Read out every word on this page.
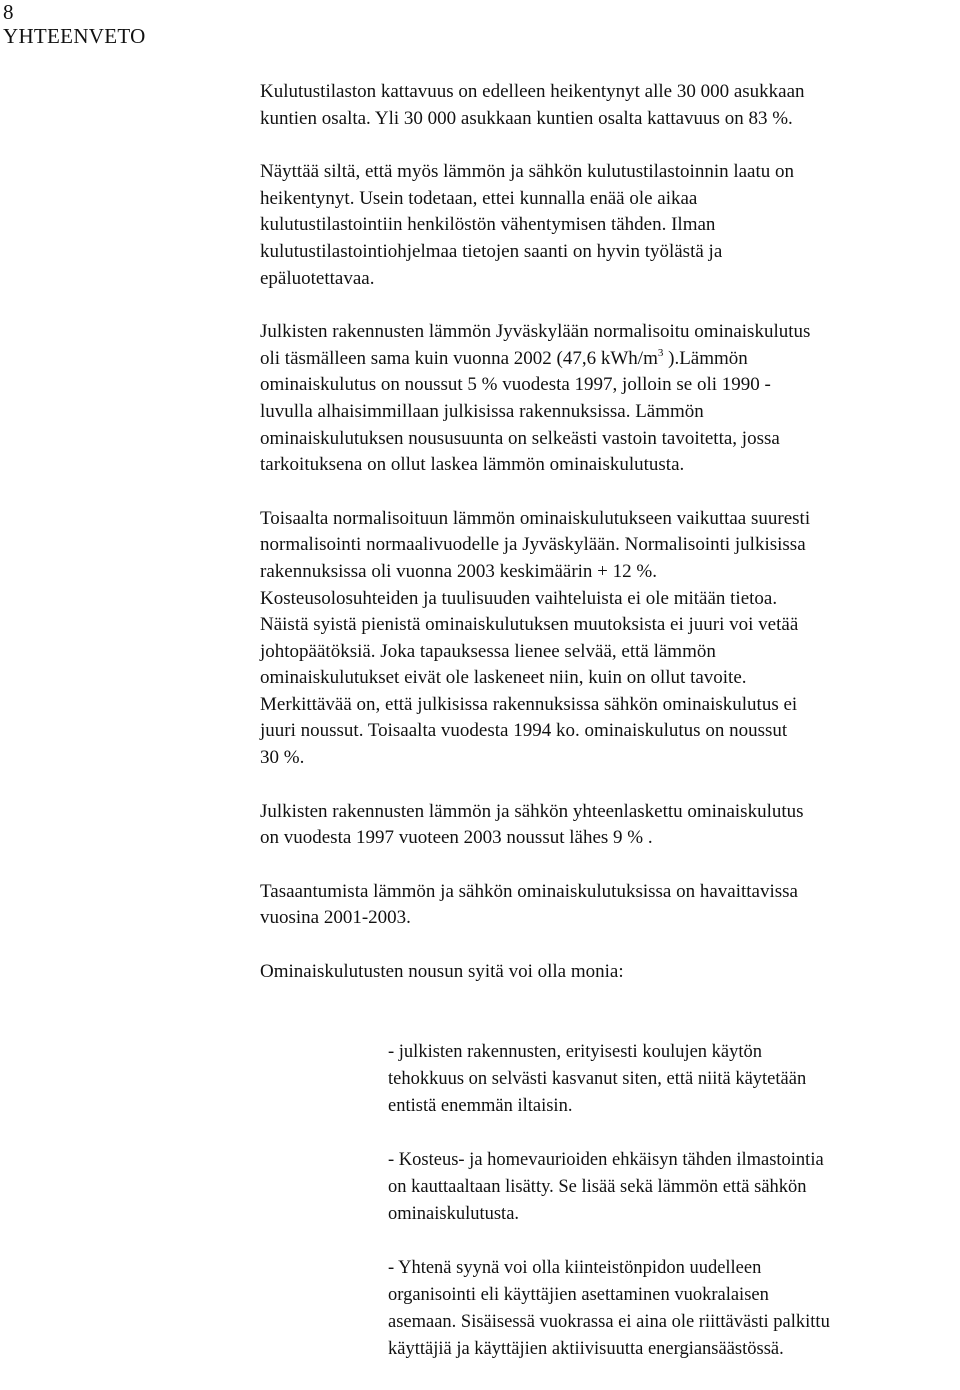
8
YHTEENVETO

Kulutustilaston kattavuus on edelleen heikentynyt alle 30 000 asukkaan
kuntien osalta. Yli 30 000 asukkaan kuntien osalta kattavuus on 83 %.

Näyttää siltä, että myös lämmön ja sähkön kulutustilastoinnin laatu on
heikentynyt. Usein todetaan, ettei kunnalla enää ole aikaa
kulutustilastointiin henkilöstön vähentymisen tähden. Ilman
kulutustilastointiohjelmaa tietojen saanti on hyvin työlästä ja
epäluotettavaa.

Julkisten rakennusten lämmön Jyväskylään normalisoitu ominaiskulutus
oli täsmälleen sama kuin vuonna 2002 (47,6 kWh/$m^3$ ).Lämmön
ominaiskulutus on noussut 5 % vuodesta 1997, jolloin se oli 1990 -
luvulla alhaisimmillaan julkisissa rakennuksissa. Lämmön
ominaiskulutuksen noususuunta on selkeästi vastoin tavoitetta, jossa
tarkoituksena on ollut laskea lämmön ominaiskulutusta.

Toisaalta normalisoituun lämmön ominaiskulutukseen vaikuttaa suuresti
normalisointi normaalivuodelle ja Jyväskylään. Normalisointi julkisissa
rakennuksissa oli vuonna 2003 keskimäärin + 12 %.
Kosteusolosuhteiden ja tuulisuuden vaihteluista ei ole mitään tietoa.
Näistä syistä pienistä ominaiskulutuksen muutoksista ei juuri voi vetää
johtopäätöksiä. Joka tapauksessa lienee selvää, että lämmön
ominaiskulutukset eivät ole laskeneet niin, kuin on ollut tavoite.
Merkittävää on, että julkisissa rakennuksissa sähkön ominaiskulutus ei
juuri noussut. Toisaalta vuodesta 1994 ko. ominaiskulutus on noussut
30 %.

Julkisten rakennusten lämmön ja sähkön yhteenlaskettu ominaiskulutus
on vuodesta 1997 vuoteen 2003 noussut lähes 9 % .

Tasaantumista lämmön ja sähkön ominaiskulutuksissa on havaittavissa
vuosina 2001-2003.

Ominaiskulutusten nousun syitä voi olla monia:

- julkisten rakennusten, erityisesti koulujen käytön
tehokkuus on selvästi kasvanut siten, että niitä käytetään
entistä enemmän iltaisin.

- Kosteus- ja homevaurioiden ehkäisyn tähden ilmastointia
on kauttaaltaan lisätty. Se lisää sekä lämmön että sähkön
ominaiskulutusta.

- Yhtenä syynä voi olla kiinteistönpidon uudelleen
organisointi eli käyttäjien asettaminen vuokralaisen
asemaan. Sisäisessä vuokrassa ei aina ole riittävästi palkittu
käyttäjiä ja käyttäjien aktiivisuutta energiansäästössä.
